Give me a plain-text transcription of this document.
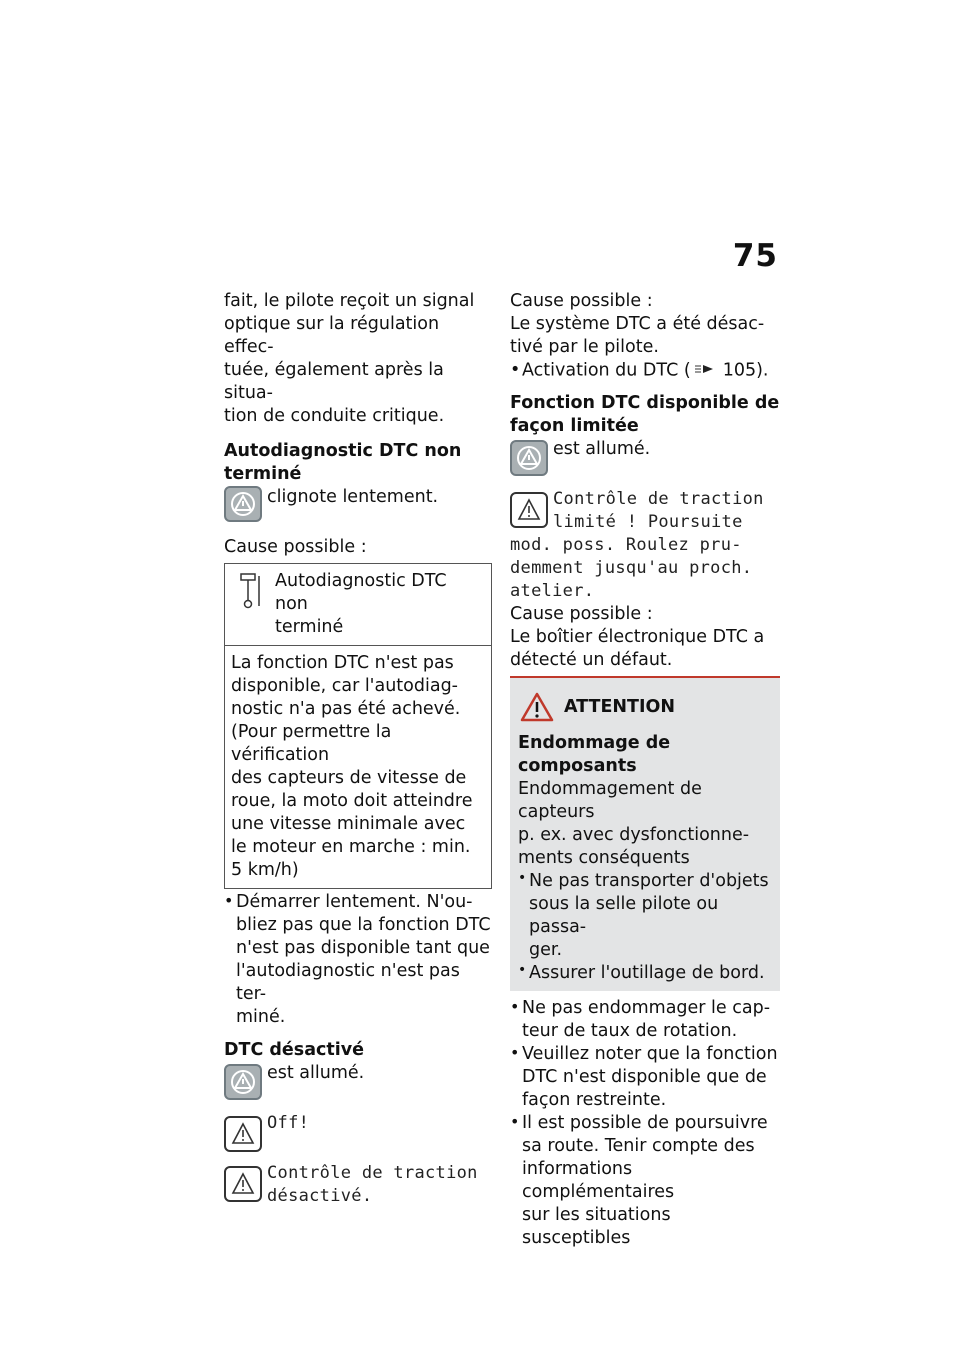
75

fait, le pilote reçoit un signal

optique sur la régulation effec-

tuée, également après la situa-

tion de conduite critique.

Autodiagnostic DTC non

terminé

clignote lentement.

Cause possible :

Autodiagnostic DTC non

terminé

La fonction DTC n'est pas

disponible, car l'autodiag-

nostic n'a pas été achevé.

(Pour permettre la vérification

des capteurs de vitesse de

roue, la moto doit atteindre

une vitesse minimale avec

le moteur en marche : min.

5 km/h)

• Démarrer lentement. N'ou-

bliez pas que la fonction DTC

n'est pas disponible tant que

l'autodiagnostic n'est pas ter-

miné.

DTC désactivé

est allumé.

Off!

Contrôle de traction

désactivé.

Cause possible :

Le système DTC a été désac-

tivé par le pilote.

• Activation du DTC ( 105).

Fonction DTC disponible de

façon limitée

est allumé.

Contrôle de traction

limité ! Poursuite

mod. poss. Roulez pru-

demment jusqu'au proch.

atelier.

Cause possible :

Le boîtier électronique DTC a

détecté un défaut.

ATTENTION

Endommage de composants

Endommagement de capteurs

p. ex. avec dysfonctionne-

ments conséquents

• Ne pas transporter d'objets

sous la selle pilote ou passa-

ger.

• Assurer l'outillage de bord.

• Ne pas endommager le cap-

teur de taux de rotation.

• Veuillez noter que la fonction

DTC n'est disponible que de

façon restreinte.

• Il est possible de poursuivre

sa route. Tenir compte des

informations complémentaires

sur les situations susceptibles
